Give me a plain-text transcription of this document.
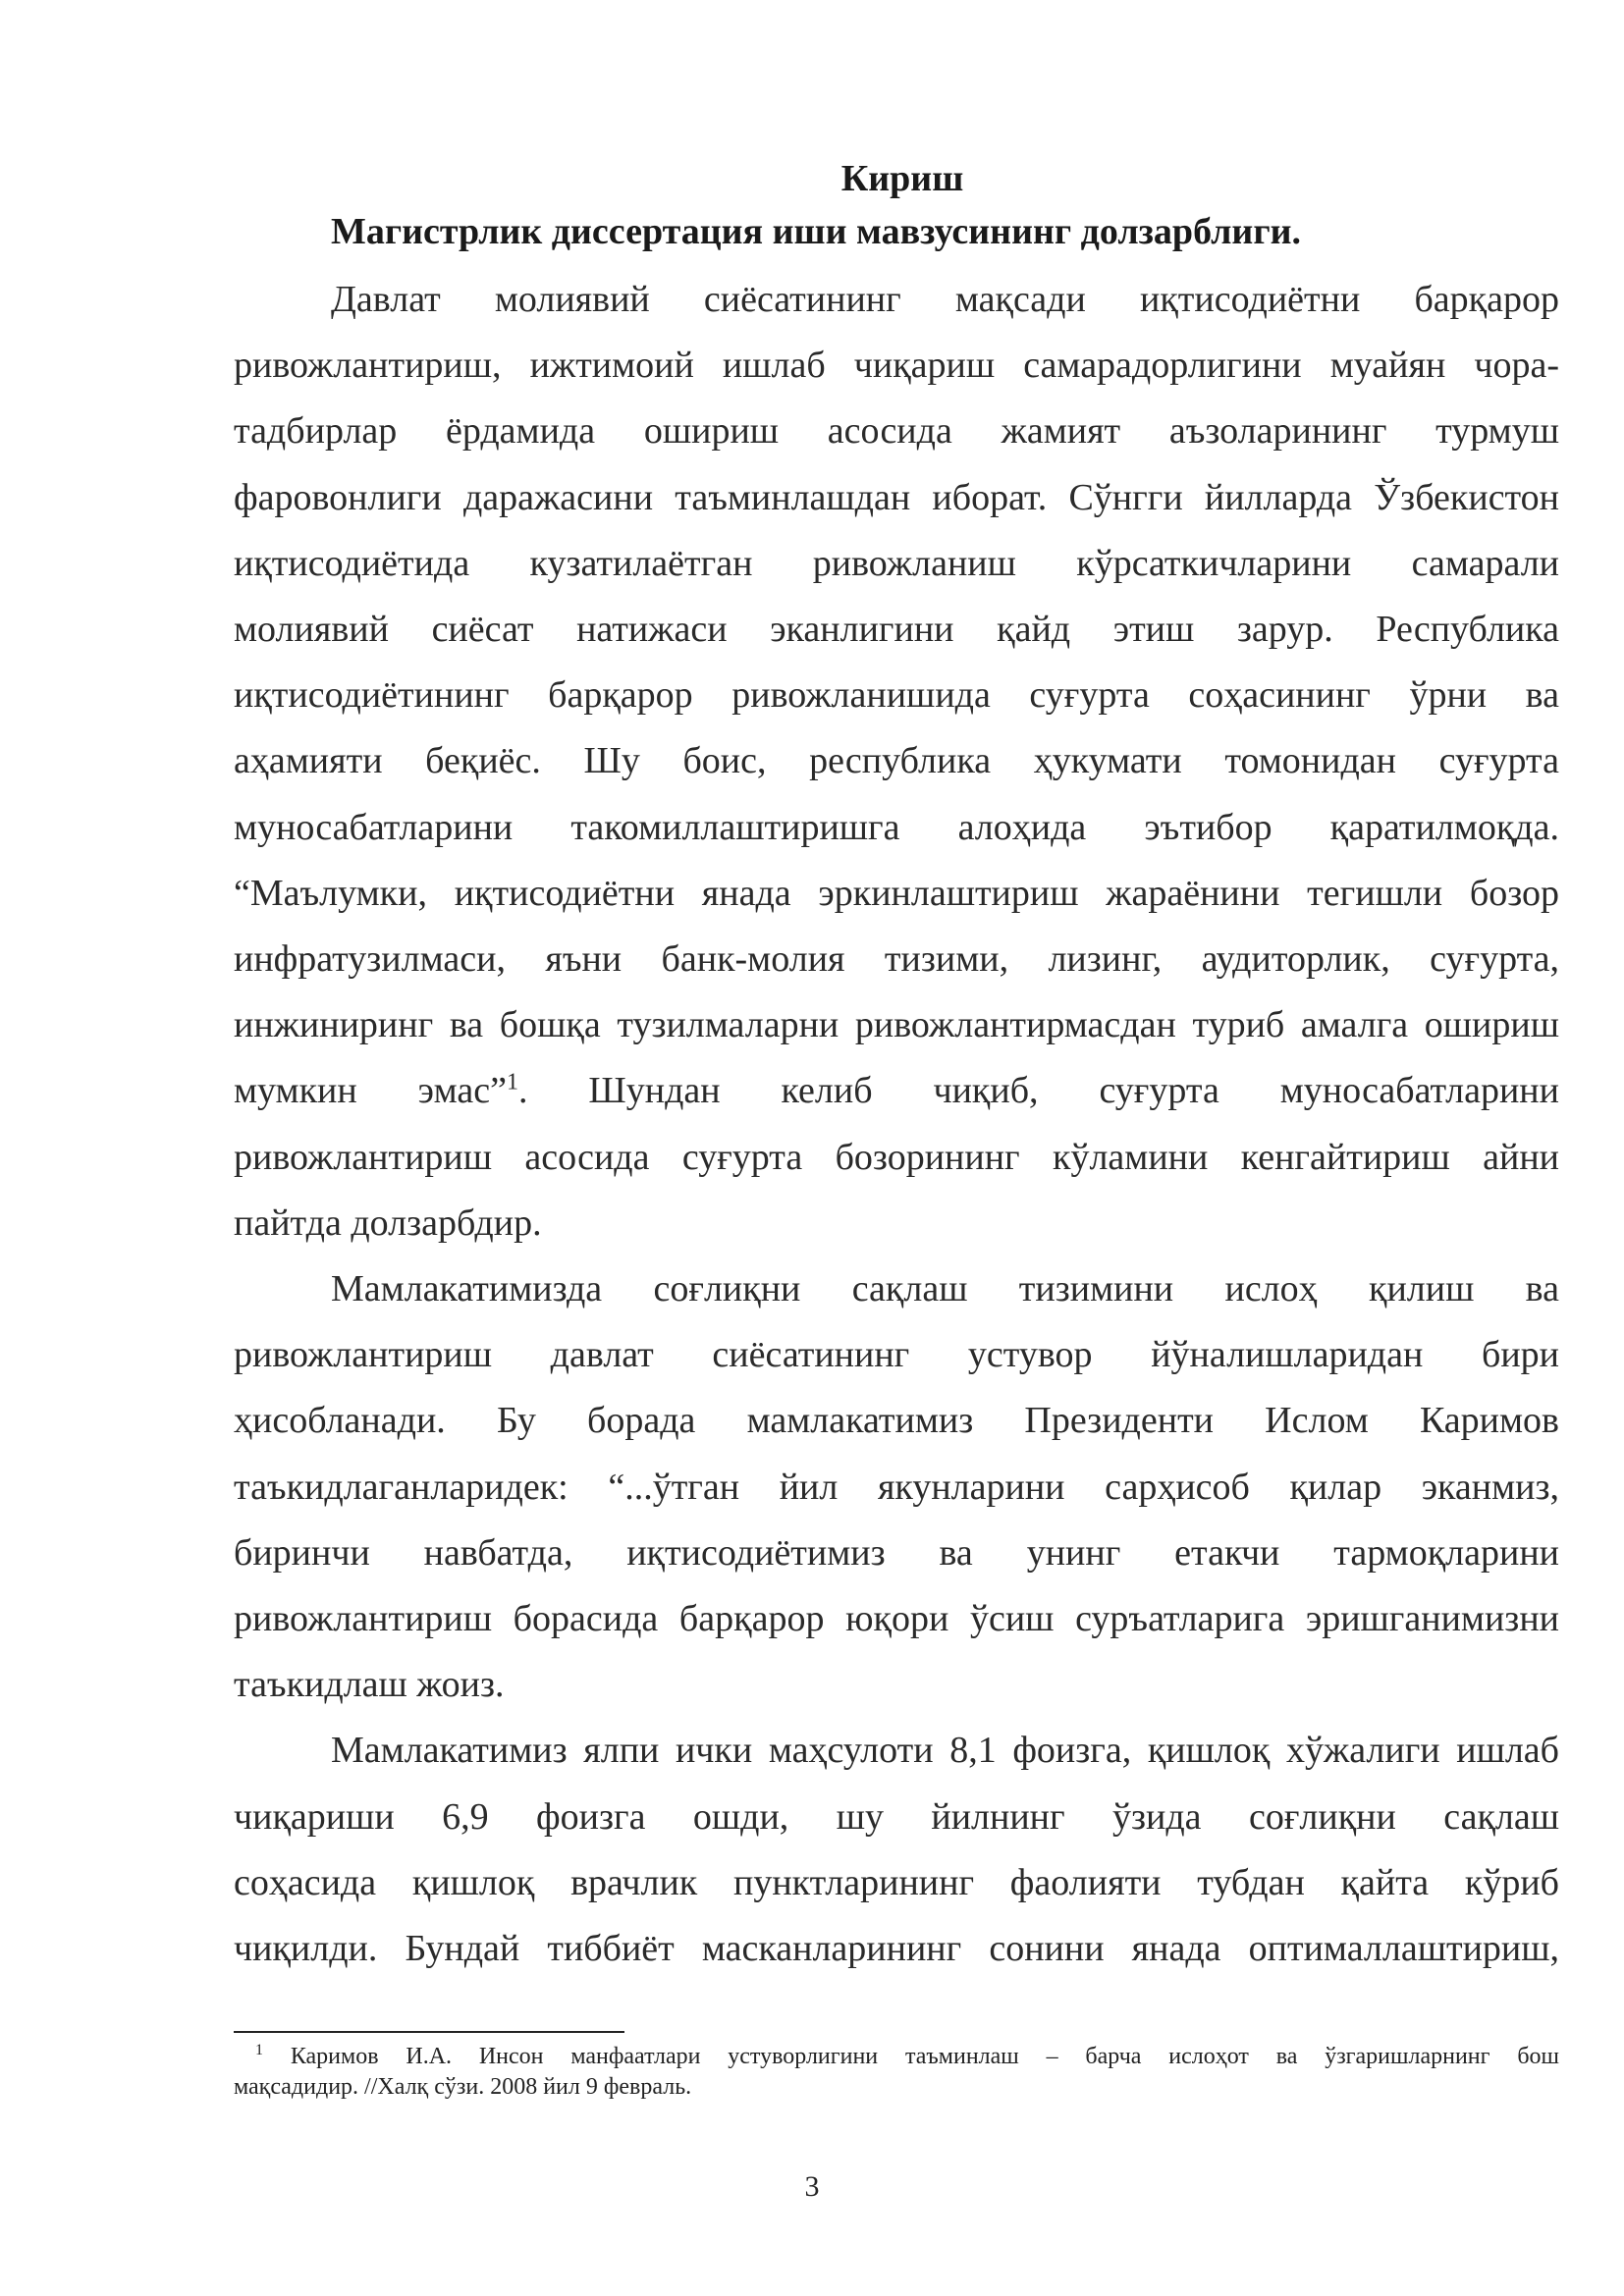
Кириш

Магистрлик диссертация иши мавзусининг долзарблиги.

Давлат молиявий сиёсатининг мақсади иқтисодиётни барқарор
ривожлантириш, ижтимоий ишлаб чиқариш самарадорлигини муайян чора-
тадбирлар ёрдамида ошириш асосида жамият аъзоларининг турмуш
фаровонлиги даражасини таъминлашдан иборат. Сўнгги йилларда Ўзбекистон
иқтисодиётида кузатилаётган ривожланиш кўрсаткичларини самарали
молиявий сиёсат натижаси эканлигини қайд этиш зарур. Республика
иқтисодиётининг барқарор ривожланишида суғурта соҳасининг ўрни ва
аҳамияти беқиёс. Шу боис, республика ҳукумати томонидан суғурта
муносабатларини такомиллаштиришга алоҳида эътибор қаратилмоқда.
“Маълумки, иқтисодиётни янада эркинлаштириш жараёнини тегишли бозор
инфратузилмаси, яъни банк-молия тизими, лизинг, аудиторлик, суғурта,
инжиниринг ва бошқа тузилмаларни ривожлантирмасдан туриб амалга ошириш
мумкин эмас”$^1$. Шундан келиб чиқиб, суғурта муносабатларини
ривожлантириш асосида суғурта бозорининг кўламини кенгайтириш айни
пайтда долзарбдир.
Мамлакатимизда соғлиқни сақлаш тизимини ислоҳ қилиш ва
ривожлантириш давлат сиёсатининг устувор йўналишларидан бири
ҳисобланади. Бу борада мамлакатимиз Президенти Ислом Каримов
таъкидлаганларидек: “...ўтган йил якунларини сарҳисоб қилар эканмиз,
биринчи навбатда, иқтисодиётимиз ва унинг етакчи тармоқларини
ривожлантириш борасида барқарор юқори ўсиш суръатларига эришганимизни
таъкидлаш жоиз.
Мамлакатимиз ялпи ички маҳсулоти 8,1 фоизга, қишлоқ хўжалиги ишлаб
чиқариши 6,9 фоизга ошди, шу йилнинг ўзида соғлиқни сақлаш
соҳасида қишлоқ врачлик пунктларининг фаолияти тубдан қайта кўриб
чиқилди. Бундай тиббиёт масканларининг сонини янада оптималлаштириш,
$^1$ Каримов И.А. Инсон манфаатлари устуворлигини таъминлаш – барча ислоҳот ва ўзгаришларнинг бош
мақсадидир. //Халқ сўзи. 2008 йил 9 февраль.
3
